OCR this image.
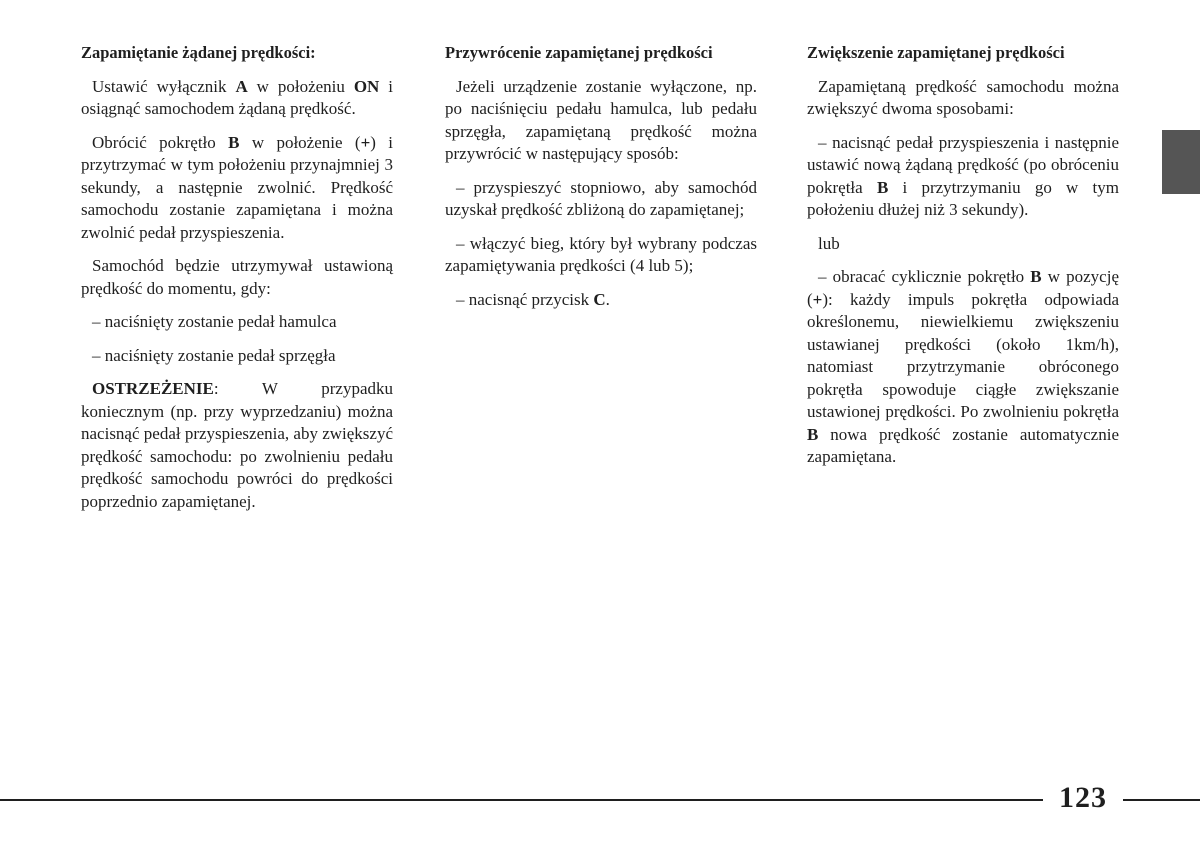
Zapamiętanie żądanej prędkości:

Ustawić wyłącznik A w położeniu ON i osiągnąć samochodem żądaną prędkość.

Obrócić pokrętło B w położenie (+) i przytrzymać w tym położeniu przynajmniej 3 sekundy, a następnie zwolnić. Prędkość samochodu zostanie zapamiętana i można zwolnić pedał przyspieszenia.

Samochód będzie utrzymywał ustawioną prędkość do momentu, gdy:

– naciśnięty zostanie pedał hamulca

– naciśnięty zostanie pedał sprzęgła

OSTRZEŻENIE: W przypadku koniecznym (np. przy wyprzedzaniu) można nacisnąć pedał przyspieszenia, aby zwiększyć prędkość samochodu: po zwolnieniu pedału prędkość samochodu powróci do prędkości poprzednio zapamiętanej.

Przywrócenie zapamiętanej prędkości

Jeżeli urządzenie zostanie wyłączone, np. po naciśnięciu pedału hamulca, lub pedału sprzęgła, zapamiętaną prędkość można przywrócić w następujący sposób:

– przyspieszyć stopniowo, aby samochód uzyskał prędkość zbliżoną do zapamiętanej;

– włączyć bieg, który był wybrany podczas zapamiętywania prędkości (4 lub 5);

– nacisnąć przycisk C.

Zwiększenie zapamiętanej prędkości

Zapamiętaną prędkość samochodu można zwiększyć dwoma sposobami:

– nacisnąć pedał przyspieszenia i następnie ustawić nową żądaną prędkość (po obróceniu pokrętła B i przytrzymaniu go w tym położeniu dłużej niż 3 sekundy).

lub

– obracać cyklicznie pokrętło B w pozycję (+): każdy impuls pokrętła odpowiada określonemu, niewielkiemu zwiększeniu ustawianej prędkości (około 1km/h), natomiast przytrzymanie obróconego pokrętła spowoduje ciągłe zwiększanie ustawionej prędkości. Po zwolnieniu pokrętła B nowa prędkość zostanie automatycznie zapamiętana.

123
